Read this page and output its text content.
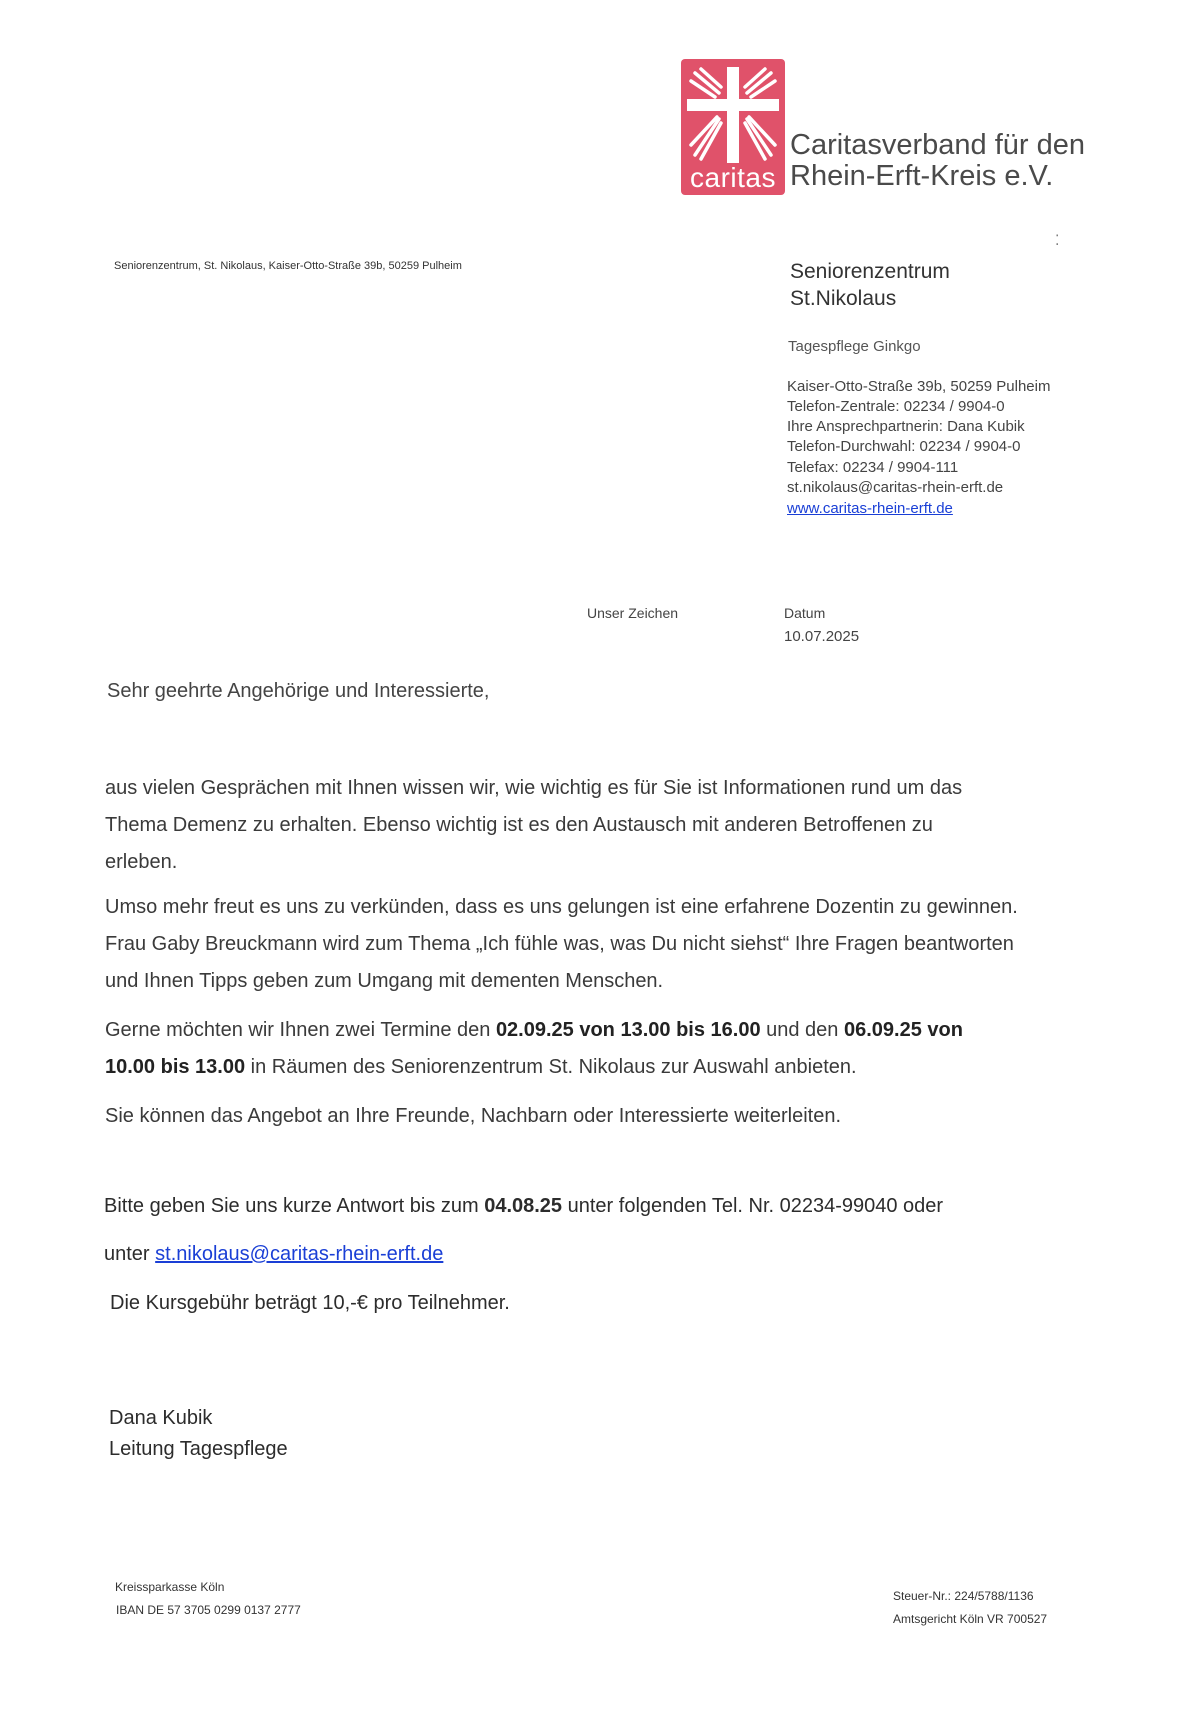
caritas
Caritasverband für den
Rhein-Erft-Kreis e.V.
⁚
Seniorenzentrum, St. Nikolaus, Kaiser-Otto-Straße 39b, 50259 Pulheim	Seniorenzentrum
St.Nikolaus
Tagespflege Ginkgo
Kaiser-Otto-Straße 39b, 50259 Pulheim
Telefon-Zentrale: 02234 / 9904-0
Ihre Ansprechpartnerin: Dana Kubik
Telefon-Durchwahl: 02234 / 9904-0
Telefax: 02234 / 9904-111
st.nikolaus@caritas-rhein-erft.de
www.caritas-rhein-erft.de
Unser Zeichen	Datum
10.07.2025
Sehr geehrte Angehörige und Interessierte,
aus vielen Gesprächen mit Ihnen wissen wir, wie wichtig es für Sie ist Informationen rund um das
Thema Demenz zu erhalten. Ebenso wichtig ist es den Austausch mit anderen Betroffenen zu
erleben.
Umso mehr freut es uns zu verkünden, dass es uns gelungen ist eine erfahrene Dozentin zu gewinnen.
Frau Gaby Breuckmann wird zum Thema „Ich fühle was, was Du nicht siehst“ Ihre Fragen beantworten
und Ihnen Tipps geben zum Umgang mit dementen Menschen.
Gerne möchten wir Ihnen zwei Termine den 02.09.25 von 13.00 bis 16.00 und den 06.09.25 von
10.00 bis 13.00 in Räumen des Seniorenzentrum St. Nikolaus zur Auswahl anbieten.
Sie können das Angebot an Ihre Freunde, Nachbarn oder Interessierte weiterleiten.
Bitte geben Sie uns kurze Antwort bis zum 04.08.25 unter folgenden Tel. Nr. 02234-99040 oder
unter st.nikolaus@caritas-rhein-erft.de
Die Kursgebühr beträgt 10,-€ pro Teilnehmer.
Dana Kubik
Leitung Tagespflege
Kreissparkasse Köln
IBAN DE 57 3705 0299 0137 2777
Steuer-Nr.: 224/5788/1136
Amtsgericht Köln VR 700527
